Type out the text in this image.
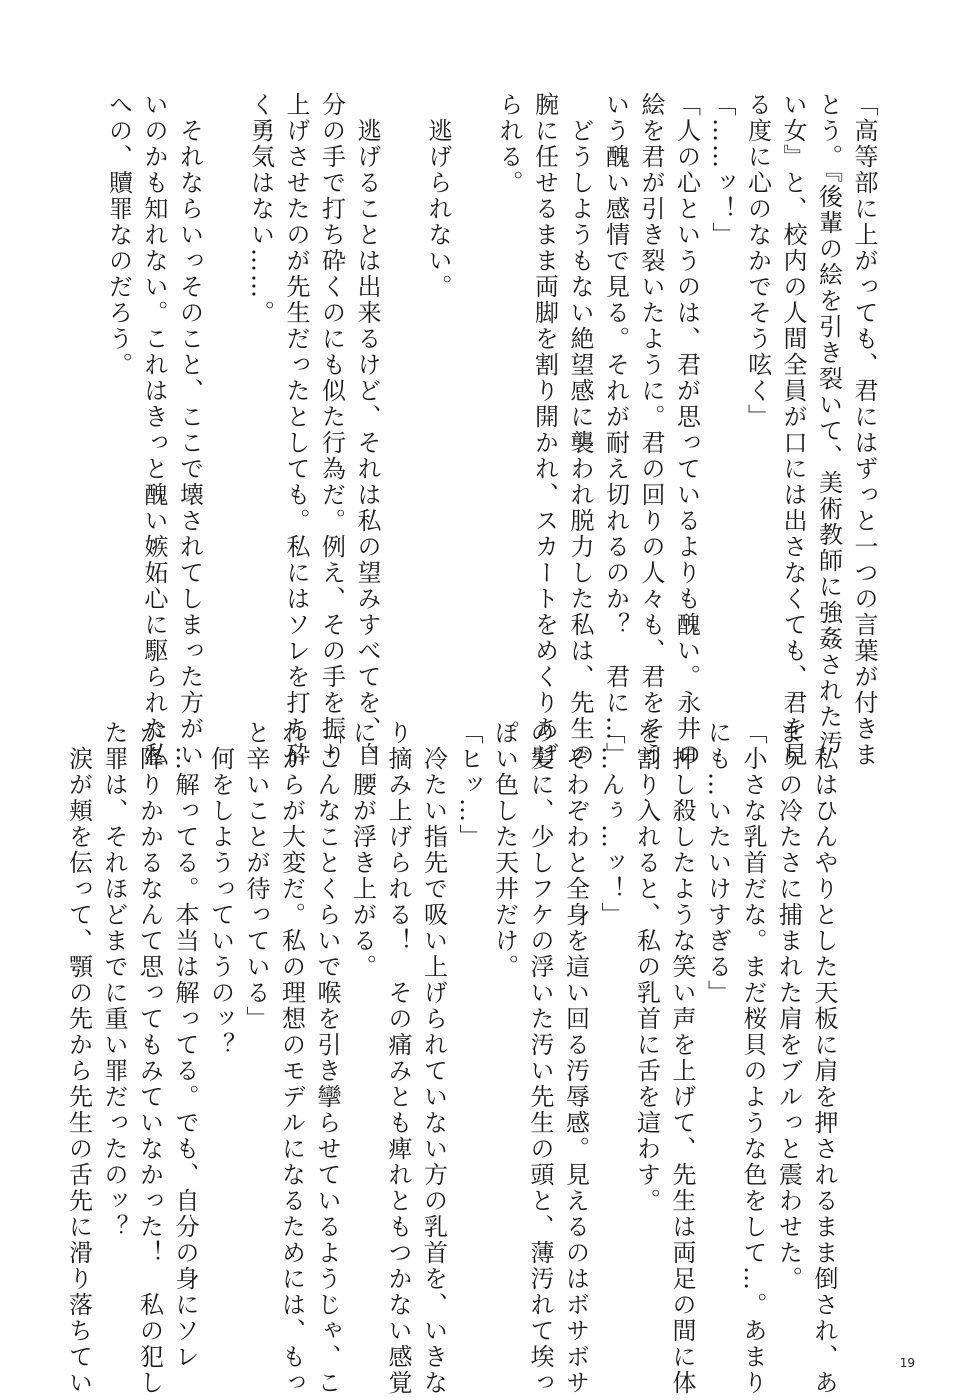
「高等部に上がっても、君にはずっと一つの言葉が付きま
とう。『後輩の絵を引き裂いて、美術教師に強姦された汚
い女』と、校内の人間全員が口には出さなくても、君を見
る度に心のなかでそう呟く」
「……ッ！」
「人の心というのは、君が思っているよりも醜い。永井の
絵を君が引き裂いたように。君の回りの人々も、君をそう
いう醜い感情で見る。それが耐え切れるのか？　君に…」
　どうしようもない絶望感に襲われ脱力した私は、先生の
腕に任せるまま両脚を割り開かれ、スカートをめくりあげ
られる。

　逃げられない。

　逃げることは出来るけど、それは私の望みすべてを、自
分の手で打ち砕くのにも似た行為だ。例え、その手を振り
上げさせたのが先生だったとしても。私にはソレを打ち砕
く勇気はない……。

　それならいっそのこと、ここで壊されてしまった方がい
いのかも知れない。これはきっと醜い嫉妬心に駆られた私
への、贖罪なのだろう。
　私はひんやりとした天板に肩を押されるまま倒され、あ
まりの冷たさに捕まれた肩をブルっと震わせた。
「小さな乳首だな。まだ桜貝のような色をして…。あまり
にも…いたいけすぎる」
　押し殺したような笑い声を上げて、先生は両足の間に体
を割り入れると、私の乳首に舌を這わす。
「…んぅ…ッ！」
　ぞわぞわと全身を這い回る汚辱感。見えるのはボサボサ
の髪に、少しフケの浮いた汚い先生の頭と、薄汚れて埃っ
ぽい色した天井だけ。
「ヒッ…」
　冷たい指先で吸い上げられていない方の乳首を、いきな
り摘み上げられる！　その痛みとも痺れともつかない感覚
に、腰が浮き上がる。
「こんなことくらいで喉を引き攣らせているようじゃ、こ
れからが大変だ。私の理想のモデルになるためには、もっ
と辛いことが待っている」
　何をしようっていうのッ？
　…解ってる。本当は解ってる。でも、自分の身にソレ
が降りかかるなんて思ってもみていなかった！　私の犯し
た罪は、それほどまでに重い罪だったのッ？
　涙が頬を伝って、顎の先から先生の舌先に滑り落ちてい	19
